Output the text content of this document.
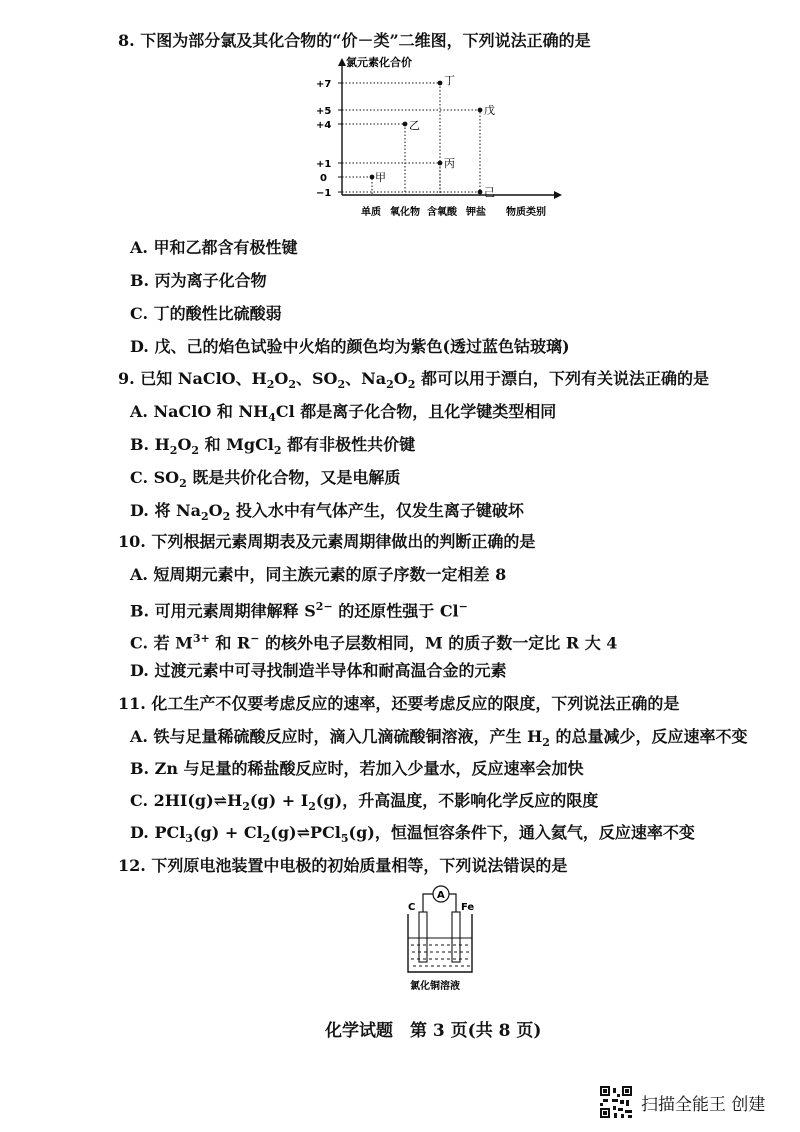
8. 下图为部分氯及其化合物的“价－类”二维图，下列说法正确的是
氯元素化合价
+7
+5
+4
+1
0
−1
甲
乙
丙
丁
戊
己
单质 氧化物 含氧酸 钾盐 物质类别
A. 甲和乙都含有极性键
B. 丙为离子化合物
C. 丁的酸性比硫酸弱
D. 戊、己的焰色试验中火焰的颜色均为紫色(透过蓝色钴玻璃)
9. 已知 NaClO、$H_2O_2$、$SO_2$、$Na_2O_2$ 都可以用于漂白，下列有关说法正确的是
A. NaClO 和 $NH_4Cl$ 都是离子化合物，且化学键类型相同
B. $H_2O_2$ 和 MgCl$_2$ 都有非极性共价键
C. $SO_2$ 既是共价化合物，又是电解质
D. 将 $Na_2O_2$ 投入水中有气体产生，仅发生离子键破坏
10. 下列根据元素周期表及元素周期律做出的判断正确的是
A. 短周期元素中，同主族元素的原子序数一定相差 8
B. 可用元素周期律解释 $S^{2-}$ 的还原性强于 Cl−
C. 若 $M^{3+}$ 和 R− 的核外电子层数相同，M 的质子数一定比 R 大 4
D. 过渡元素中可寻找制造半导体和耐高温合金的元素
11. 化工生产不仅要考虑反应的速率，还要考虑反应的限度，下列说法正确的是
A. 铁与足量稀硫酸反应时，滴入几滴硫酸铜溶液，产生 $H_2$ 的总量减少，反应速率不变
B. Zn 与足量的稀盐酸反应时，若加入少量水，反应速率会加快
C. $2HI(g)\rightleftharpoons H_2(g) + I_2(g)$，升高温度，不影响化学反应的限度
D. $PCl_3(g) + Cl_2(g)\rightleftharpoons PCl_5(g)$，恒温恒容条件下，通入氦气，反应速率不变
12. 下列原电池装置中电极的初始质量相等，下列说法错误的是
A
C	Fe
氯化铜溶液
化学试题　第 3 页(共 8 页)
扫描全能王 创建
